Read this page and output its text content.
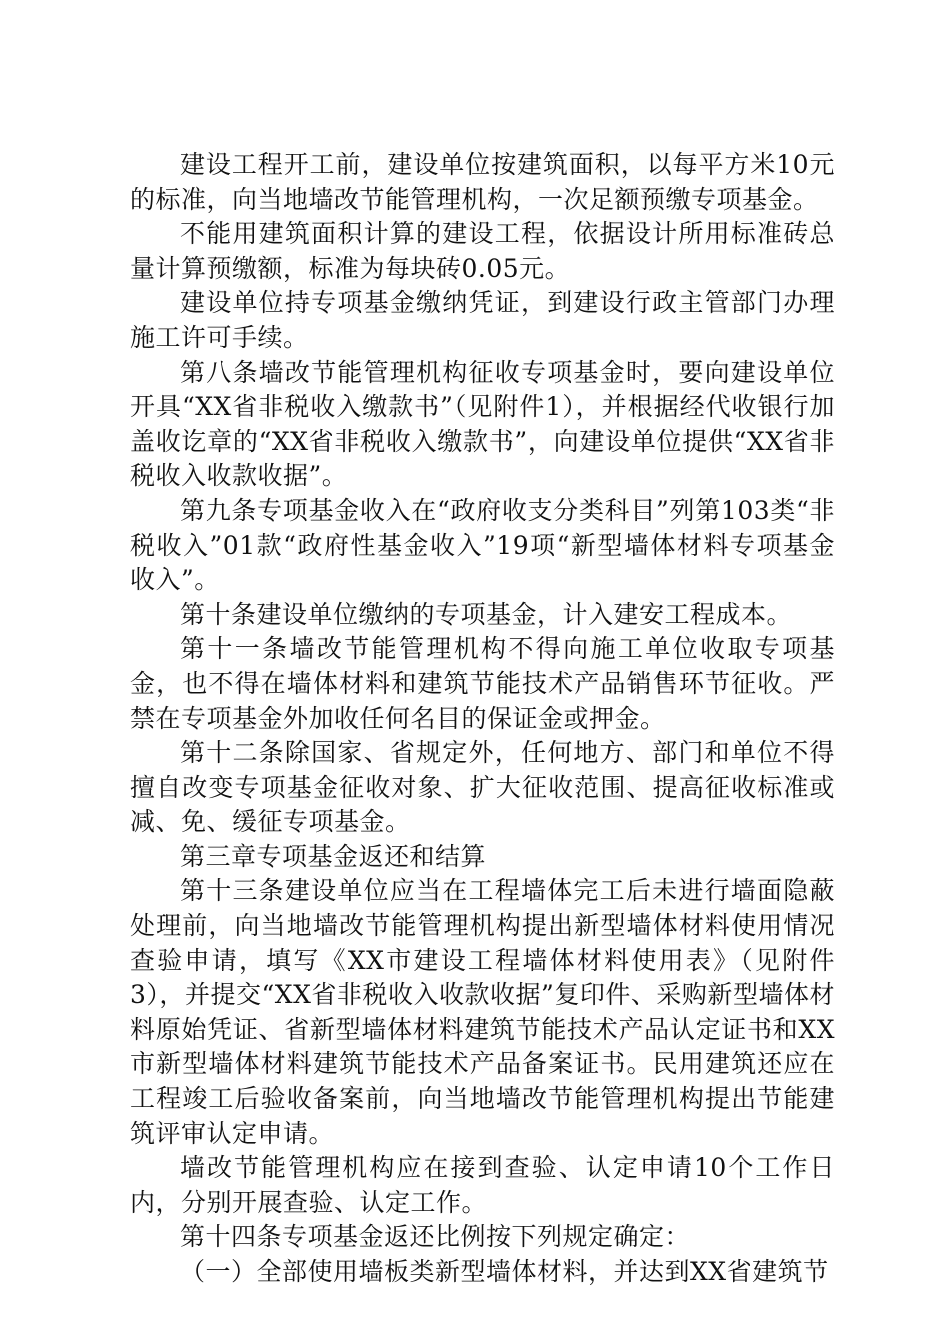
建设工程开工前，建设单位按建筑面积，以每平方米10元的标准，向当地墙改节能管理机构，一次足额预缴专项基金。

不能用建筑面积计算的建设工程，依据设计所用标准砖总量计算预缴额，标准为每块砖0.05元。

建设单位持专项基金缴纳凭证，到建设行政主管部门办理施工许可手续。

第八条墙改节能管理机构征收专项基金时，要向建设单位开具“XX省非税收入缴款书”（见附件1），并根据经代收银行加盖收讫章的“XX省非税收入缴款书”，向建设单位提供“XX省非税收入收款收据”。

第九条专项基金收入在“政府收支分类科目”列第103类“非税收入”01款“政府性基金收入”19项“新型墙体材料专项基金收入”。

第十条建设单位缴纳的专项基金，计入建安工程成本。

第十一条墙改节能管理机构不得向施工单位收取专项基金，也不得在墙体材料和建筑节能技术产品销售环节征收。严禁在专项基金外加收任何名目的保证金或押金。

第十二条除国家、省规定外，任何地方、部门和单位不得擅自改变专项基金征收对象、扩大征收范围、提高征收标准或减、免、缓征专项基金。

第三章专项基金返还和结算

第十三条建设单位应当在工程墙体完工后未进行墙面隐蔽处理前，向当地墙改节能管理机构提出新型墙体材料使用情况查验申请，填写《XX市建设工程墙体材料使用表》（见附件3），并提交“XX省非税收入收款收据”复印件、采购新型墙体材料原始凭证、省新型墙体材料建筑节能技术产品认定证书和XX市新型墙体材料建筑节能技术产品备案证书。民用建筑还应在工程竣工后验收备案前，向当地墙改节能管理机构提出节能建筑评审认定申请。

墙改节能管理机构应在接到查验、认定申请10个工作日内，分别开展查验、认定工作。

第十四条专项基金返还比例按下列规定确定：

（一）全部使用墙板类新型墙体材料，并达到XX省建筑节
